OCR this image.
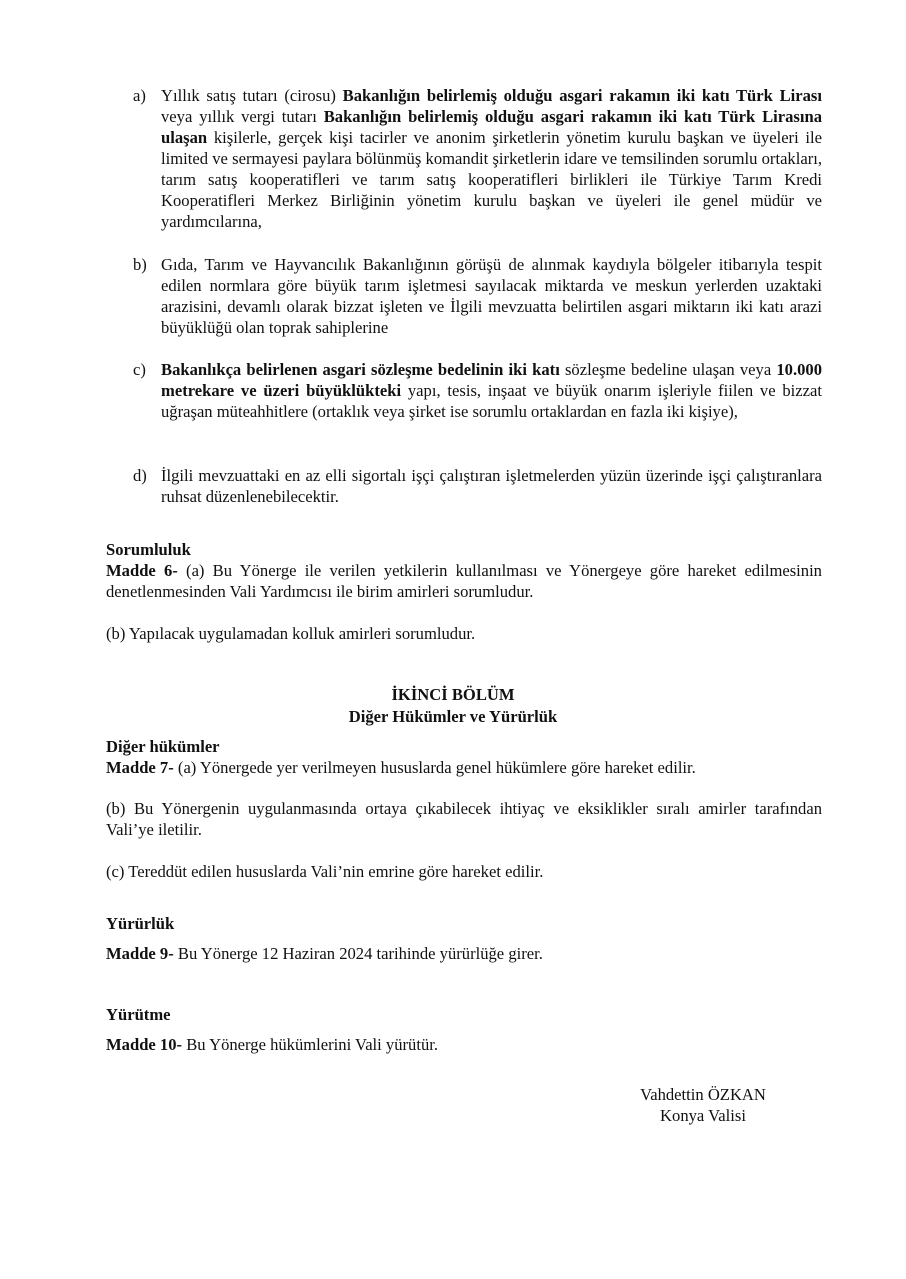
a) Yıllık satış tutarı (cirosu) Bakanlığın belirlemiş olduğu asgari rakamın iki katı Türk Lirası veya yıllık vergi tutarı Bakanlığın belirlemiş olduğu asgari rakamın iki katı Türk Lirasına ulaşan kişilerle, gerçek kişi tacirler ve anonim şirketlerin yönetim kurulu başkan ve üyeleri ile limited ve sermayesi paylara bölünmüş komandit şirketlerin idare ve temsilinden sorumlu ortakları, tarım satış kooperatifleri ve tarım satış kooperatifleri birlikleri ile Türkiye Tarım Kredi Kooperatifleri Merkez Birliğinin yönetim kurulu başkan ve üyeleri ile genel müdür ve yardımcılarına,
b) Gıda, Tarım ve Hayvancılık Bakanlığının görüşü de alınmak kaydıyla bölgeler itibarıyla tespit edilen normlara göre büyük tarım işletmesi sayılacak miktarda ve meskun yerlerden uzaktaki arazisini, devamlı olarak bizzat işleten ve İlgili mevzuatta belirtilen asgari miktarın iki katı arazi büyüklüğü olan toprak sahiplerine
c) Bakanlıkça belirlenen asgari sözleşme bedelinin iki katı sözleşme bedeline ulaşan veya 10.000 metrekare ve üzeri büyüklükteki yapı, tesis, inşaat ve büyük onarım işleriyle fiilen ve bizzat uğraşan müteahhitlere (ortaklık veya şirket ise sorumlu ortaklardan en fazla iki kişiye),
d) İlgili mevzuattaki en az elli sigortalı işçi çalıştıran işletmelerden yüzün üzerinde işçi çalıştıranlara ruhsat düzenlenebilecektir.
Sorumluluk
Madde 6- (a) Bu Yönerge ile verilen yetkilerin kullanılması ve Yönergeye göre hareket edilmesinin denetlenmesinden Vali Yardımcısı ile birim amirleri sorumludur.
(b) Yapılacak uygulamadan kolluk amirleri sorumludur.
İKİNCİ BÖLÜM
Diğer Hükümler ve Yürürlük
Diğer hükümler
Madde 7- (a) Yönergede yer verilmeyen hususlarda genel hükümlere göre hareket edilir.
(b) Bu Yönergenin uygulanmasında ortaya çıkabilecek ihtiyaç ve eksiklikler sıralı amirler tarafından Vali’ye iletilir.
(c) Tereddüt edilen hususlarda Vali’nin emrine göre hareket edilir.
Yürürlük
Madde 9- Bu Yönerge 12 Haziran 2024 tarihinde yürürlüğe girer.
Yürütme
Madde 10- Bu Yönerge hükümlerini Vali yürütür.
Vahdettin ÖZKAN
Konya Valisi
